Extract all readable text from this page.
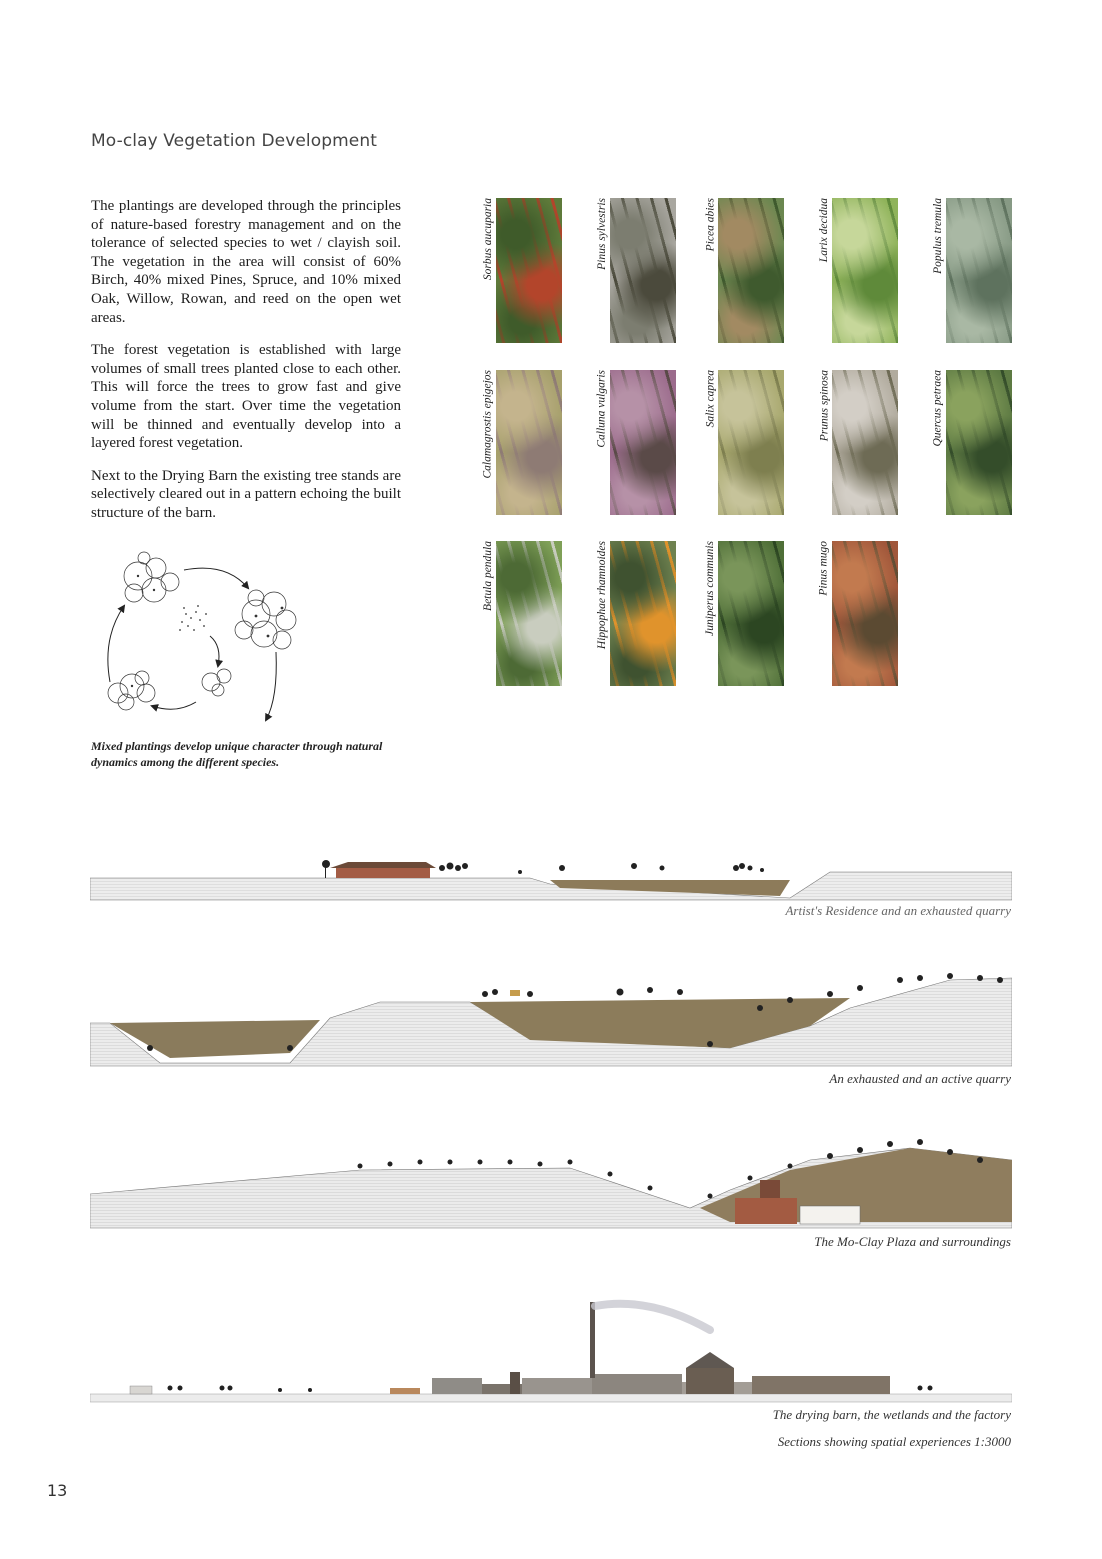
Mo-clay Vegetation Development

The plantings are developed through the principles of nature-based forestry management and on the tolerance of selected species to wet / clayish soil. The vegetation in the area will consist of 60% Birch, 40% mixed Pines, Spruce, and 10% mixed Oak, Willow, Rowan, and reed on the open wet areas.

The forest vegetation is established with large volumes of small trees planted close to each other. This will force the trees to grow fast and give volume from the start. Over time the vegetation will be thinned and eventually develop into a layered forest vegetation.

Next to the Drying Barn the existing tree stands are selectively cleared out in a pattern echoing the built structure of the barn.

Mixed plantings develop unique character through natural dynamics among the different species.
Sorbus aucuparia	Pinus sylvestris	Picea abies	Larix decidua	Populus tremula
Calamagrostis epigejos	Calluna vulgaris	Salix caprea	Prunus spinosa	Quercus petraea
Betula pendula	Hippophae rhamnoides	Juniperus communis	Pinus mugo
Artist's Residence and an exhausted quarry
An exhausted and an active quarry
The Mo-Clay Plaza and surroundings
The drying barn, the wetlands and the factory
Sections showing spatial experiences 1:3000
13
